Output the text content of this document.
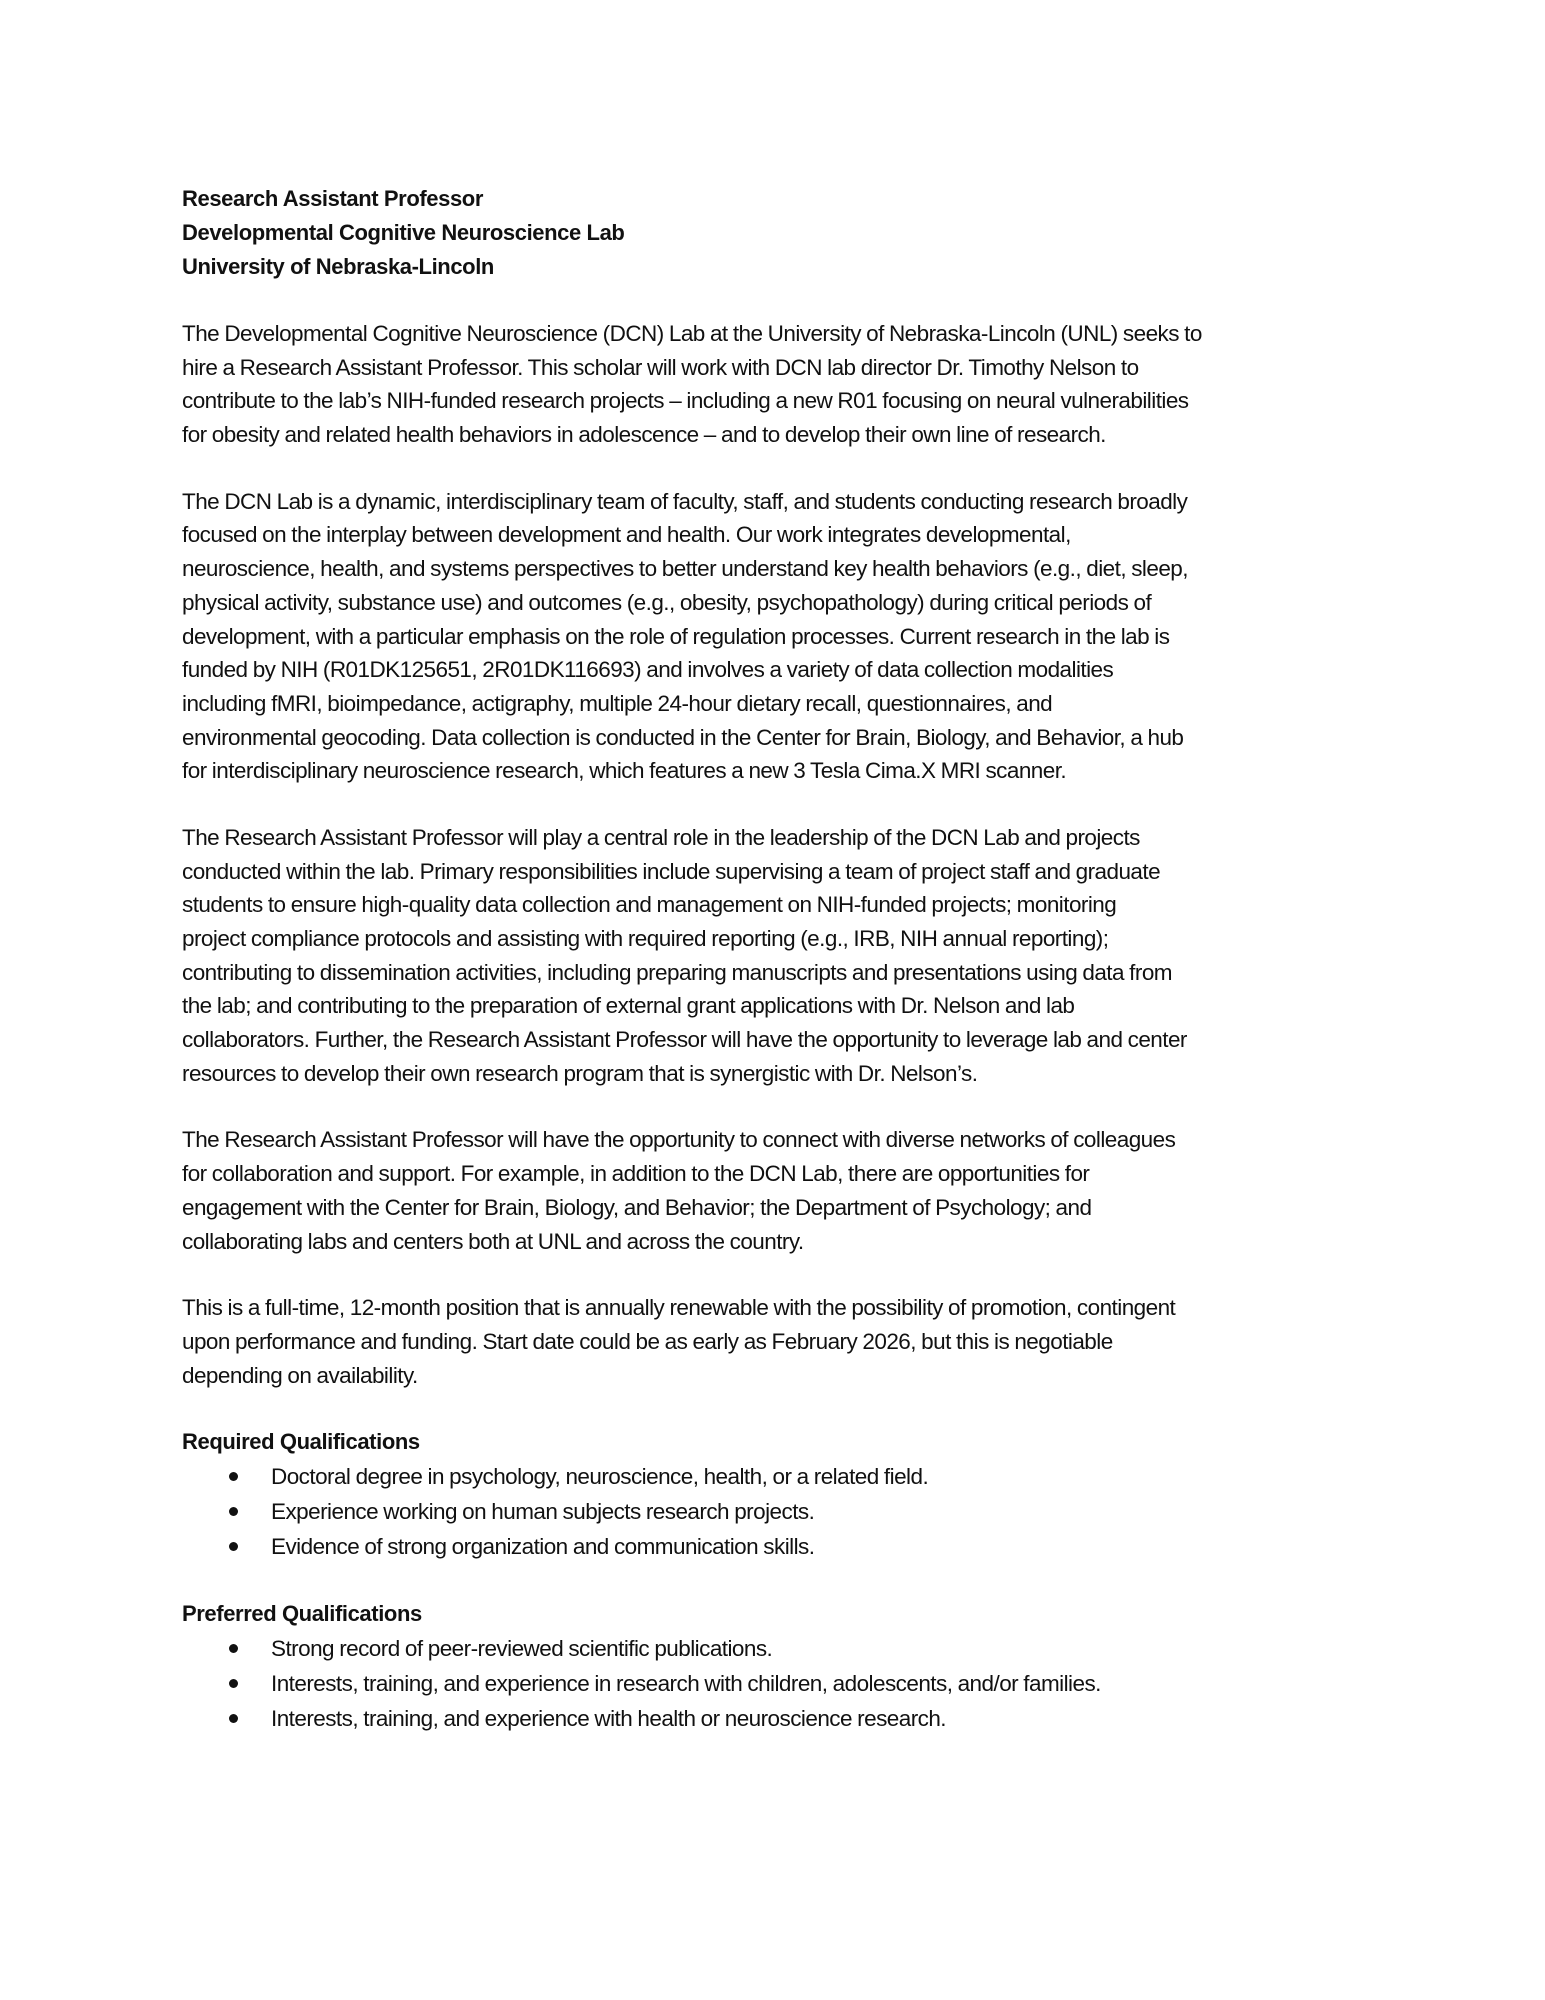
Research Assistant Professor
Developmental Cognitive Neuroscience Lab
University of Nebraska-Lincoln
The Developmental Cognitive Neuroscience (DCN) Lab at the University of Nebraska-Lincoln (UNL) seeks to
hire a Research Assistant Professor. This scholar will work with DCN lab director Dr. Timothy Nelson to
contribute to the lab’s NIH-funded research projects – including a new R01 focusing on neural vulnerabilities
for obesity and related health behaviors in adolescence – and to develop their own line of research.
The DCN Lab is a dynamic, interdisciplinary team of faculty, staff, and students conducting research broadly
focused on the interplay between development and health. Our work integrates developmental,
neuroscience, health, and systems perspectives to better understand key health behaviors (e.g., diet, sleep,
physical activity, substance use) and outcomes (e.g., obesity, psychopathology) during critical periods of
development, with a particular emphasis on the role of regulation processes. Current research in the lab is
funded by NIH (R01DK125651, 2R01DK116693) and involves a variety of data collection modalities
including fMRI, bioimpedance, actigraphy, multiple 24-hour dietary recall, questionnaires, and
environmental geocoding. Data collection is conducted in the Center for Brain, Biology, and Behavior, a hub
for interdisciplinary neuroscience research, which features a new 3 Tesla Cima.X MRI scanner.
The Research Assistant Professor will play a central role in the leadership of the DCN Lab and projects
conducted within the lab. Primary responsibilities include supervising a team of project staff and graduate
students to ensure high-quality data collection and management on NIH-funded projects; monitoring
project compliance protocols and assisting with required reporting (e.g., IRB, NIH annual reporting);
contributing to dissemination activities, including preparing manuscripts and presentations using data from
the lab; and contributing to the preparation of external grant applications with Dr. Nelson and lab
collaborators. Further, the Research Assistant Professor will have the opportunity to leverage lab and center
resources to develop their own research program that is synergistic with Dr. Nelson’s.
The Research Assistant Professor will have the opportunity to connect with diverse networks of colleagues
for collaboration and support. For example, in addition to the DCN Lab, there are opportunities for
engagement with the Center for Brain, Biology, and Behavior; the Department of Psychology; and
collaborating labs and centers both at UNL and across the country.
This is a full-time, 12-month position that is annually renewable with the possibility of promotion, contingent
upon performance and funding. Start date could be as early as February 2026, but this is negotiable
depending on availability.
Required Qualifications
Doctoral degree in psychology, neuroscience, health, or a related field.
Experience working on human subjects research projects.
Evidence of strong organization and communication skills.
Preferred Qualifications
Strong record of peer-reviewed scientific publications.
Interests, training, and experience in research with children, adolescents, and/or families.
Interests, training, and experience with health or neuroscience research.
